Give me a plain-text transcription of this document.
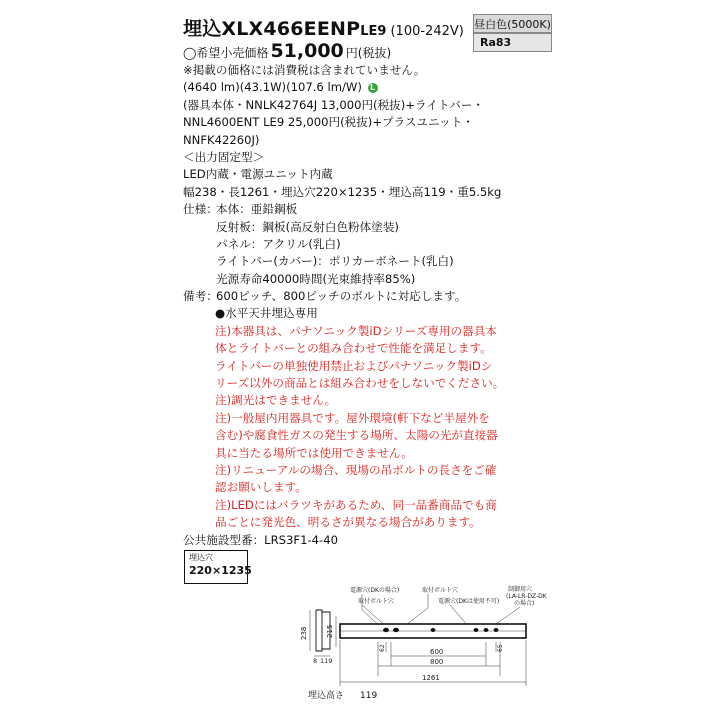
埋込 XLX466EENP LE9 (100-242V) 昼白色(5000K)
Ra83
◯希望小売価格 51,000 円(税抜)
※掲載の価格には消費税は含まれていません。
(4640 lm)(43.1W)(107.6 lm/W) L
(器具本体・NNLK42764J 13,000円(税抜)+ライトバー・
NNL4600ENT LE9 25,000円(税抜)+プラスユニット・
NNFK42260J)
＜出力固定型＞
LED内蔵・電源ユニット内蔵
幅238・長1261・埋込穴220×1235・埋込高119・重5.5kg
仕様：
本体：亜鉛鋼板
反射板：鋼板(高反射白色粉体塗装)
パネル：アクリル(乳白)
ライトバー(カバー)：ポリカーボネート(乳白)
光源寿命40000時間(光束維持率85%)
備考：
600ピッチ、800ピッチのボルトに対応します。
●水平天井埋込専用
注)本器具は、パナソニック製iDシリーズ専用の器具本
体とライトバーとの組み合わせで性能を満足します。
ライトバーの単独使用禁止およびパナソニック製iDシ
リーズ以外の商品とは組み合わせをしないでください。
注)調光はできません。
注)一般屋内用器具です。屋外環境(軒下など半屋外を
含む)や腐食性ガスの発生する場所、太陽の光が直接器
具に当たる場所では使用できません。
注)リニューアルの場合、現場の吊ボルトの長さをご確
認お願いします。
注)LEDにはバラツキがあるため、同一品番商品でも商
品ごとに発光色、明るさが異なる場合があります。
公共施設型番：LRS3F1-4-40
埋込穴
220×1235
電源穴(DKの場合)	取付ボルト穴
取付ボルト穴	電源穴(DKは使用不可)
制御用穴
(LA-LR-DZ-DK
の場合)
238	215
8 119
62	600
800
1261
65
埋込高さ 119
